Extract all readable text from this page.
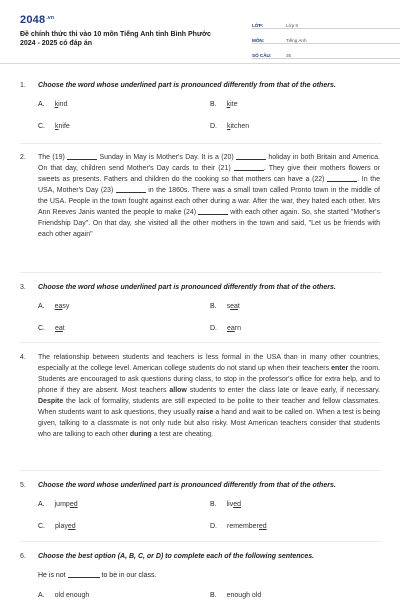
$2048^{.vn}$
Đề chính thức thi vào 10 môn Tiếng Anh tỉnh Bình Phước
2024 - 2025 có đáp án
LỚP:	Lớp 9
MÔN:	Tiếng Anh
SỐ CÂU:	35
1. Choose the word whose underlined part is pronounced differently from that of the others.
A. kind	B. kite
C. knife	D. kitchen
2. The (19)	Sunday in May is Mother's Day. It is a (20)	holiday in both Britain and America. On that day, children send Mother's Day cards to their (21)	. They give their mothers flowers or sweets as presents. Fathers and children do the cooking so that mothers can have a (22)	. In the USA, Mother's Day (23)	in the 1860s. There was a small town called Pronto town in the middle of the USA. People in the town fought against each other during a war. After the war, they hated each other. Mrs Ann Reeves Janis wanted the people to make (24)	with each other again. So, she started "Mother's Friendship Day". On that day, she visited all the other mothers in the town and said, "Let us be friends with each other again"
3. Choose the word whose underlined part is pronounced differently from that of the others.
A. easy	B. seat
C. eat	D. earn
4. The relationship between students and teachers is less formal in the USA than in many other countries, especially at the college level. American college students do not stand up when their teachers enter the room. Students are encouraged to ask questions during class, to stop in the professor's office for extra help, and to phone if they are absent. Most teachers allow students to enter the class late or leave early, if necessary. Despite the lack of formality, students are still expected to be polite to their teacher and fellow classmates. When students want to ask questions, they usually raise a hand and wait to be called on. When a test is being given, talking to a classmate is not only rude but also risky. Most American teachers consider that students who are talking to each other during a test are cheating.
5. Choose the word whose underlined part is pronounced differently from that of the others.
A. jumped	B. lived
C. played	D. remembered
6. Choose the best option (A, B, C, or D) to complete each of the following sentences.
He is not	to be in our class.
A. old enough	B. enough old
